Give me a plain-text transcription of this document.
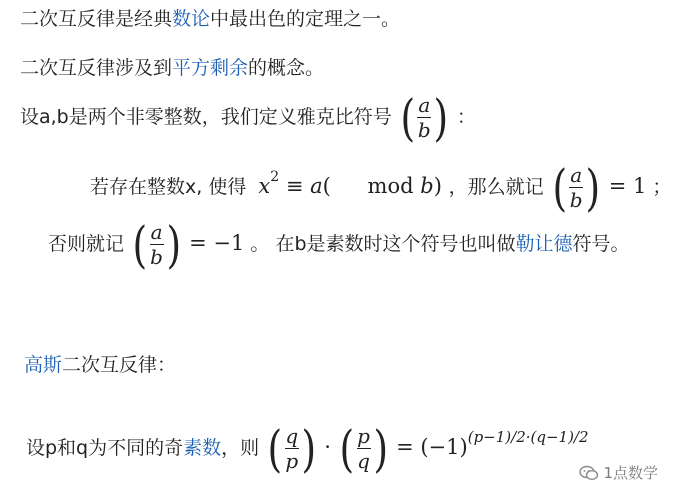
二次互反律是经典数论中最出色的定理之一。
二次互反律涉及到平方剩余的概念。
设a,b是两个非零整数，我们定义雅克比符号 ( a
b ) ：
若存在整数x, 使得 $x^2 \equiv a$( mod b) ，那么就记 ( a
b ) = 1 ；
否则就记 ( a
b ) = −1 。 在b是素数时这个符号也叫做勒让德符号。
高斯二次互反律：
设p和q为不同的奇素数，则 ( q
p ) · ( p
q ) = $(-1)^{(p-1)/2\cdot(q-1)/2}$
1点数学
